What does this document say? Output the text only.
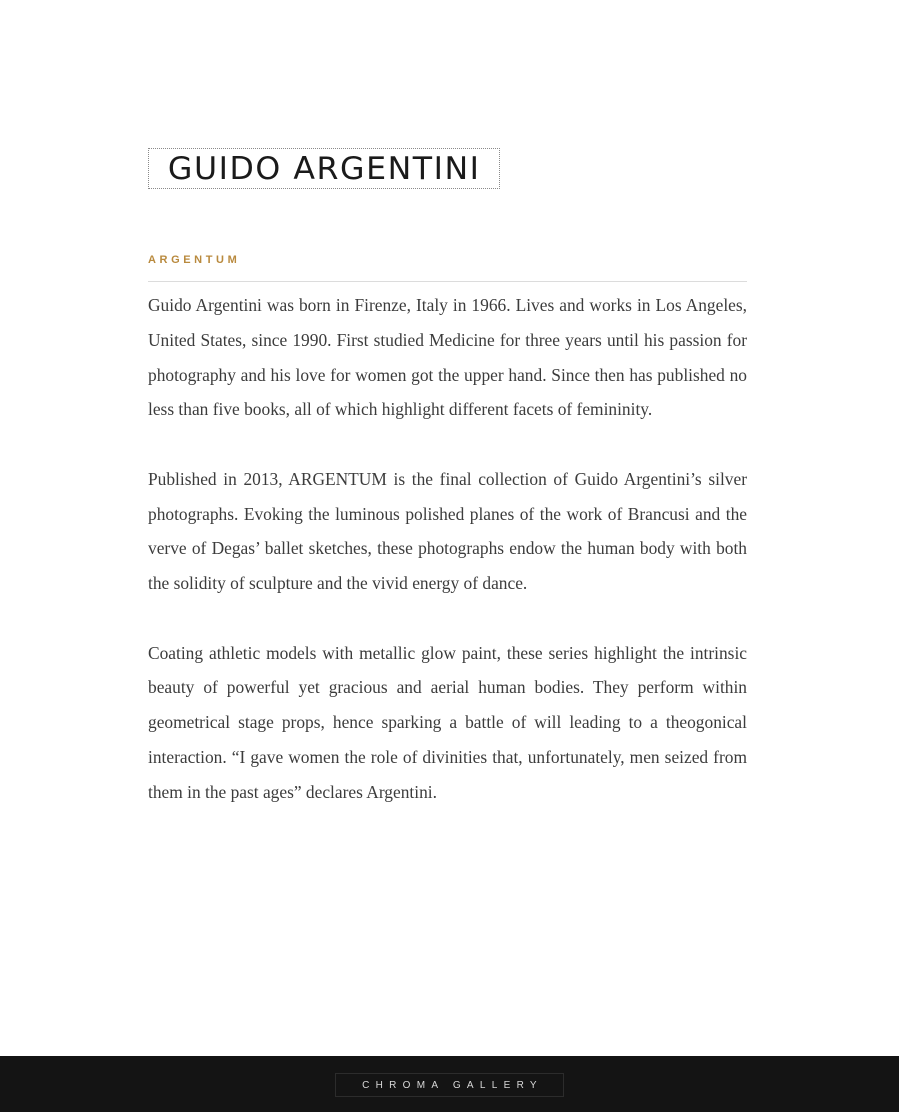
GUIDO ARGENTINI
ARGENTUM

Guido Argentini was born in Firenze, Italy in 1966. Lives and works in Los Angeles, United States, since 1990. First studied Medicine for three years until his passion for photography and his love for women got the upper hand. Since then has published no less than five books, all of which highlight different facets of femininity.

Published in 2013, ARGENTUM is the final collection of Guido Argentini’s silver photographs. Evoking the luminous polished planes of the work of Brancusi and the verve of Degas’ ballet sketches, these photographs endow the human body with both the solidity of sculpture and the vivid energy of dance.

Coating athletic models with metallic glow paint, these series highlight the intrinsic beauty of powerful yet gracious and aerial human bodies. They perform within geometrical stage props, hence sparking a battle of will leading to a theogonical interaction. “I gave women the role of divinities that, unfortunately, men seized from them in the past ages” declares Argentini.

CHROMA GALLERY
